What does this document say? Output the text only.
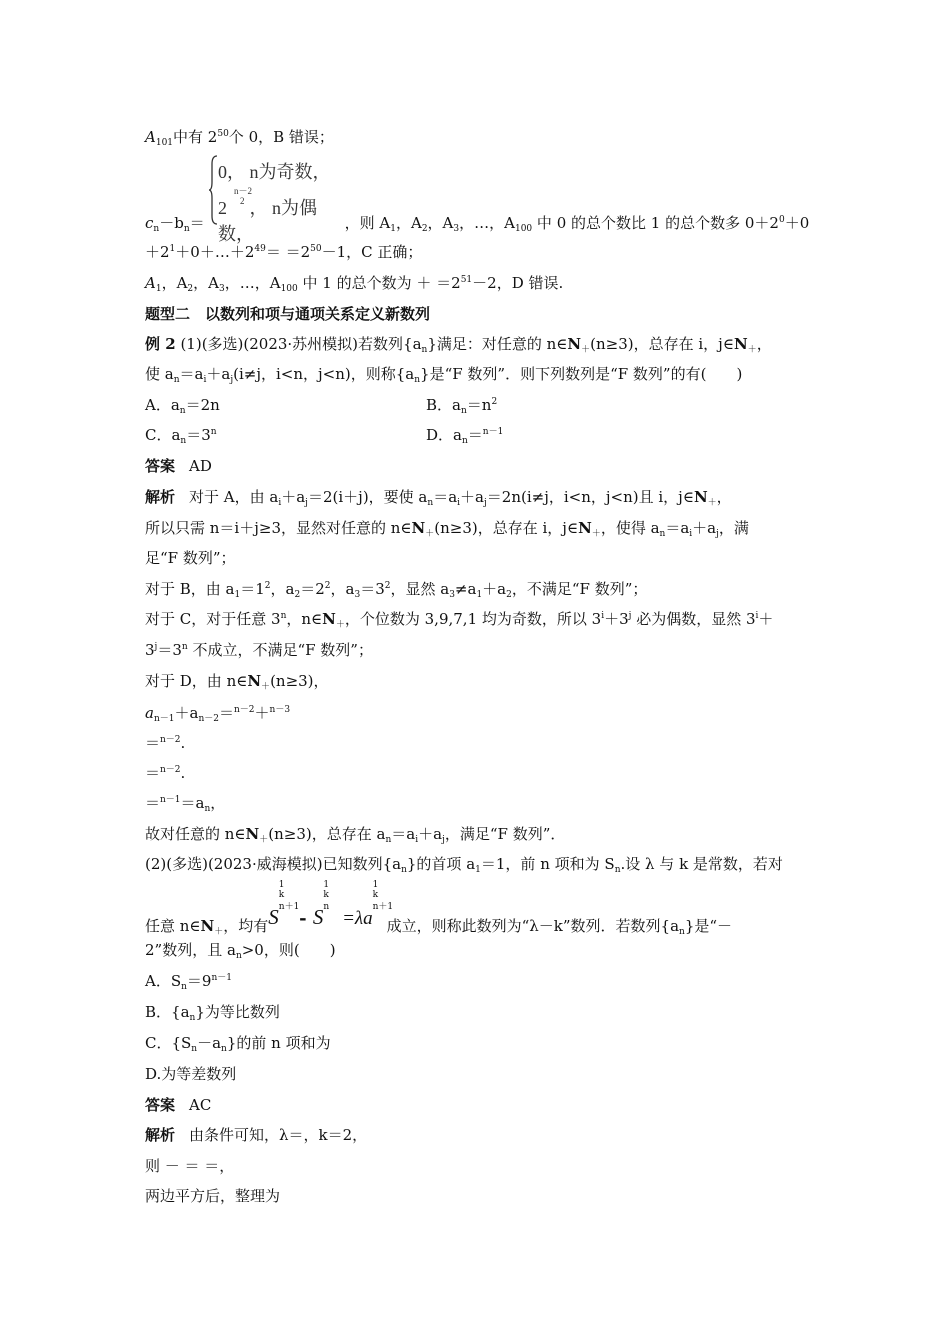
$A_{101}$中有 $2^{50}$个 0，B 错误；
0， n为奇数，
2
n－2
2 ， n为偶数，
$c_n-b_n=$	，则 $A_1$，$A_2$，$A_3$，…，$A_{100}$ 中 0 的总个数比 1 的总个数多 $0+2^0+0$
$+2^1+0+\dots+2^{49}= =2^{50}-1$，C 正确；
$A_1$，$A_2$，$A_3$，…，$A_{100}$ 中 1 的总个数为 ＋ $=2^{51}-2$，D 错误.
题型二　以数列和项与通项关系定义新数列
例 2 (1)(多选)(2023·苏州模拟)若数列$\{a_n\}$满足：对任意的 $n\in N_+(n\ge 3)$，总存在 i，$j\in N_+$，
使 $a_n=a_i+a_j(i\ne j$，i<n，j<n)，则称$\{a_n\}$是“F 数列”．则下列数列是“F 数列”的有(　　)
A．$a_n=2n$	B．$a_n=n^2$
C．$a_n=3^n$	D．$a_n=^{n-1}$
答案 AD
解析 对于 A，由 $a_i+a_j=2(i+j)$，要使 $a_n=a_i+a_j=2n(i\ne j$，i<n，j<n)且 i，$j\in N_+$，
所以只需 n＝i＋j≥3，显然对任意的 $n\in N_+(n\ge 3)$，总存在 i，$j\in N_+$，使得 $a_n=a_i+a_j$，满
足“F 数列”；
对于 B，由 $a_1=1^2$，$a_2=2^2$，$a_3=3^2$，显然 $a_3\ne a_1+a_2$，不满足“F 数列”；
对于 C，对于任意 3$^n$，$n\in N_+$，个位数为 3,9,7,1 均为奇数，所以 $3^i+3^j$ 必为偶数，显然 $3^i+$
$3^j=3^n$ 不成立，不满足“F 数列”；
对于 D，由 $n\in N_+(n\ge 3)$，
$a_{n-1}+a_{n-2}=^{n-2}+^{n-3}$
＝$^{n-2}$.
＝$^{n-2}$.
$=^{n-1}=a_n$，
故对任意的 $n\in N_+(n\ge 3)$，总存在 $a_n=a_i+a_j$，满足“F 数列”．
(2)(多选)(2023·威海模拟)已知数列$\{a_n\}$的首项 $a_1=1$，前 n 项和为 $S_n$.设 λ 与 k 是常数，若对
任意 $n\in N_+$，均有S
1
k
n＋1
- S
1
k
n
=λa
1
k
n＋1
成立，则称此数列为“λ－k”数列．若数列$\{a_n\}$是“－
2”数列，且 $a_n>0$，则(　　)
A．$S_n=9^{n-1}$
B．$\{a_n\}$为等比数列
C．$\{S_n-a_n\}$的前 n 项和为
D.为等差数列
答案 AC
解析 由条件可知，λ＝，k＝2，
则 － ＝ ＝，
两边平方后，整理为
